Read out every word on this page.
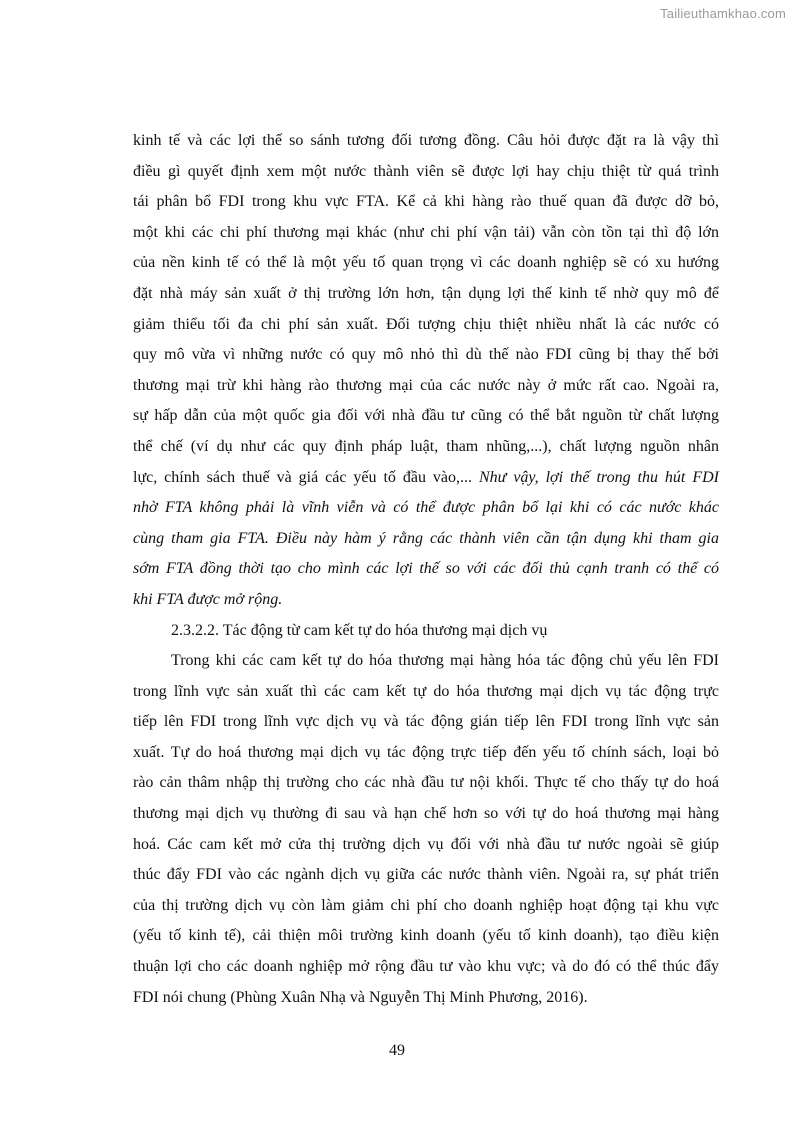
Tailieuthamkhao.com
kinh tế và các lợi thế so sánh tương đối tương đồng. Câu hỏi được đặt ra là vậy thì
điều gì quyết định xem một nước thành viên sẽ được lợi hay chịu thiệt từ quá trình
tái phân bổ FDI trong khu vực FTA. Kể cả khi hàng rào thuế quan đã được dỡ bỏ,
một khi các chi phí thương mại khác (như chi phí vận tải) vẫn còn tồn tại thì độ lớn
của nền kinh tế có thể là một yếu tố quan trọng vì các doanh nghiệp sẽ có xu hướng
đặt nhà máy sản xuất ở thị trường lớn hơn, tận dụng lợi thế kinh tế nhờ quy mô để
giảm thiểu tối đa chi phí sản xuất. Đối tượng chịu thiệt nhiều nhất là các nước có
quy mô vừa vì những nước có quy mô nhỏ thì dù thế nào FDI cũng bị thay thế bởi
thương mại trừ khi hàng rào thương mại của các nước này ở mức rất cao. Ngoài ra,
sự hấp dẫn của một quốc gia đối với nhà đầu tư cũng có thể bắt nguồn từ chất lượng
thể chế (ví dụ như các quy định pháp luật, tham nhũng,...), chất lượng nguồn nhân
lực, chính sách thuế và giá các yếu tố đầu vào,... Như vậy, lợi thế trong thu hút FDI
nhờ FTA không phải là vĩnh viễn và có thể được phân bổ lại khi có các nước khác
cùng tham gia FTA. Điều này hàm ý rằng các thành viên cần tận dụng khi tham gia
sớm FTA đồng thời tạo cho mình các lợi thế so với các đối thủ cạnh tranh có thể có
khi FTA được mở rộng.
2.3.2.2. Tác động từ cam kết tự do hóa thương mại dịch vụ
Trong khi các cam kết tự do hóa thương mại hàng hóa tác động chủ yếu lên FDI
trong lĩnh vực sản xuất thì các cam kết tự do hóa thương mại dịch vụ tác động trực
tiếp lên FDI trong lĩnh vực dịch vụ và tác động gián tiếp lên FDI trong lĩnh vực sản
xuất. Tự do hoá thương mại dịch vụ tác động trực tiếp đến yếu tố chính sách, loại bỏ
rào cản thâm nhập thị trường cho các nhà đầu tư nội khối. Thực tế cho thấy tự do hoá
thương mại dịch vụ thường đi sau và hạn chế hơn so với tự do hoá thương mại hàng
hoá. Các cam kết mở cửa thị trường dịch vụ đối với nhà đầu tư nước ngoài sẽ giúp
thúc đẩy FDI vào các ngành dịch vụ giữa các nước thành viên. Ngoài ra, sự phát triển
của thị trường dịch vụ còn làm giảm chi phí cho doanh nghiệp hoạt động tại khu vực
(yếu tố kinh tế), cải thiện môi trường kinh doanh (yếu tố kinh doanh), tạo điều kiện
thuận lợi cho các doanh nghiệp mở rộng đầu tư vào khu vực; và do đó có thể thúc đẩy
FDI nói chung (Phùng Xuân Nhạ và Nguyễn Thị Minh Phương, 2016).
49
